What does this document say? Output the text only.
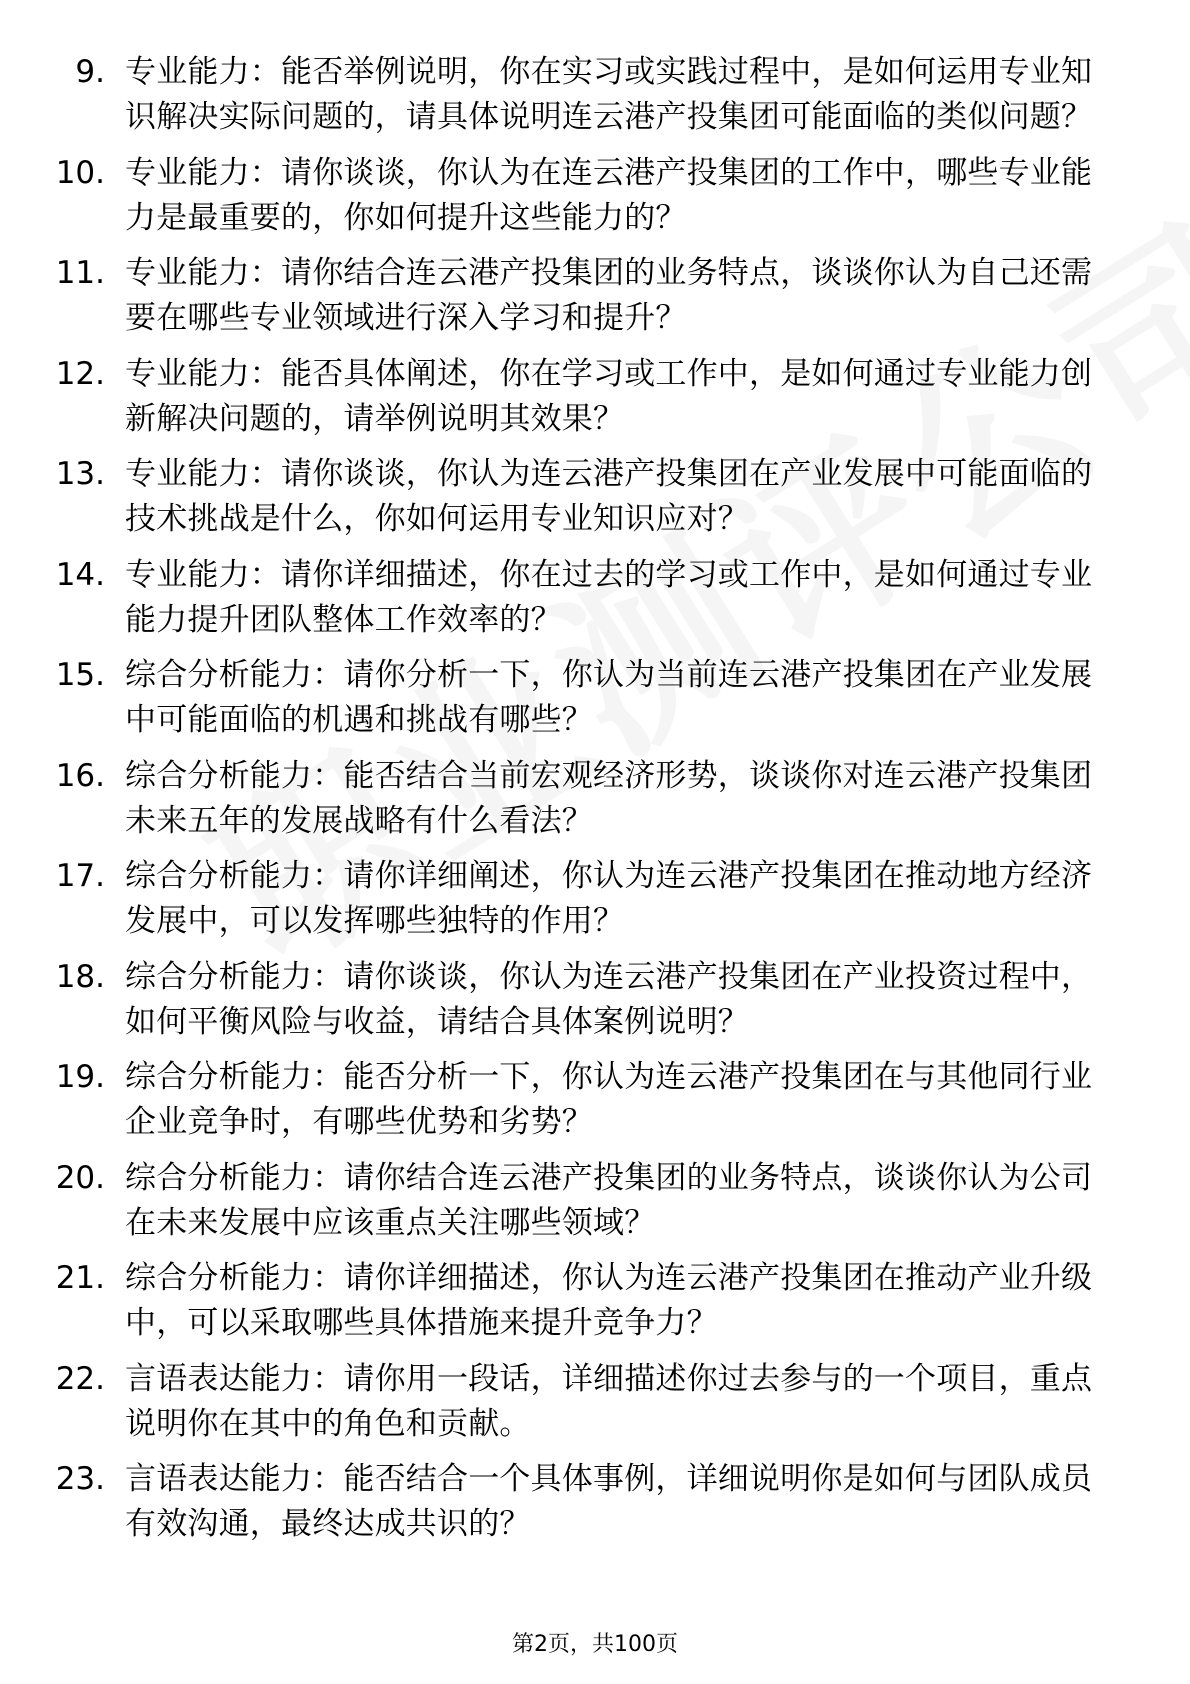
9. 专业能力：能否举例说明，你在实习或实践过程中，是如何运用专业知识解决实际问题的，请具体说明连云港产投集团可能面临的类似问题？
10. 专业能力：请你谈谈，你认为在连云港产投集团的工作中，哪些专业能力是最重要的，你如何提升这些能力的？
11. 专业能力：请你结合连云港产投集团的业务特点，谈谈你认为自己还需要在哪些专业领域进行深入学习和提升？
12. 专业能力：能否具体阐述，你在学习或工作中，是如何通过专业能力创新解决问题的，请举例说明其效果？
13. 专业能力：请你谈谈，你认为连云港产投集团在产业发展中可能面临的技术挑战是什么，你如何运用专业知识应对？
14. 专业能力：请你详细描述，你在过去的学习或工作中，是如何通过专业能力提升团队整体工作效率的？
15. 综合分析能力：请你分析一下，你认为当前连云港产投集团在产业发展中可能面临的机遇和挑战有哪些？
16. 综合分析能力：能否结合当前宏观经济形势，谈谈你对连云港产投集团未来五年的发展战略有什么看法？
17. 综合分析能力：请你详细阐述，你认为连云港产投集团在推动地方经济发展中，可以发挥哪些独特的作用？
18. 综合分析能力：请你谈谈，你认为连云港产投集团在产业投资过程中，如何平衡风险与收益，请结合具体案例说明？
19. 综合分析能力：能否分析一下，你认为连云港产投集团在与其他同行业企业竞争时，有哪些优势和劣势？
20. 综合分析能力：请你结合连云港产投集团的业务特点，谈谈你认为公司在未来发展中应该重点关注哪些领域？
21. 综合分析能力：请你详细描述，你认为连云港产投集团在推动产业升级中，可以采取哪些具体措施来提升竞争力？
22. 言语表达能力：请你用一段话，详细描述你过去参与的一个项目，重点说明你在其中的角色和贡献。
23. 言语表达能力：能否结合一个具体事例，详细说明你是如何与团队成员有效沟通，最终达成共识的？
第2页，共100页
